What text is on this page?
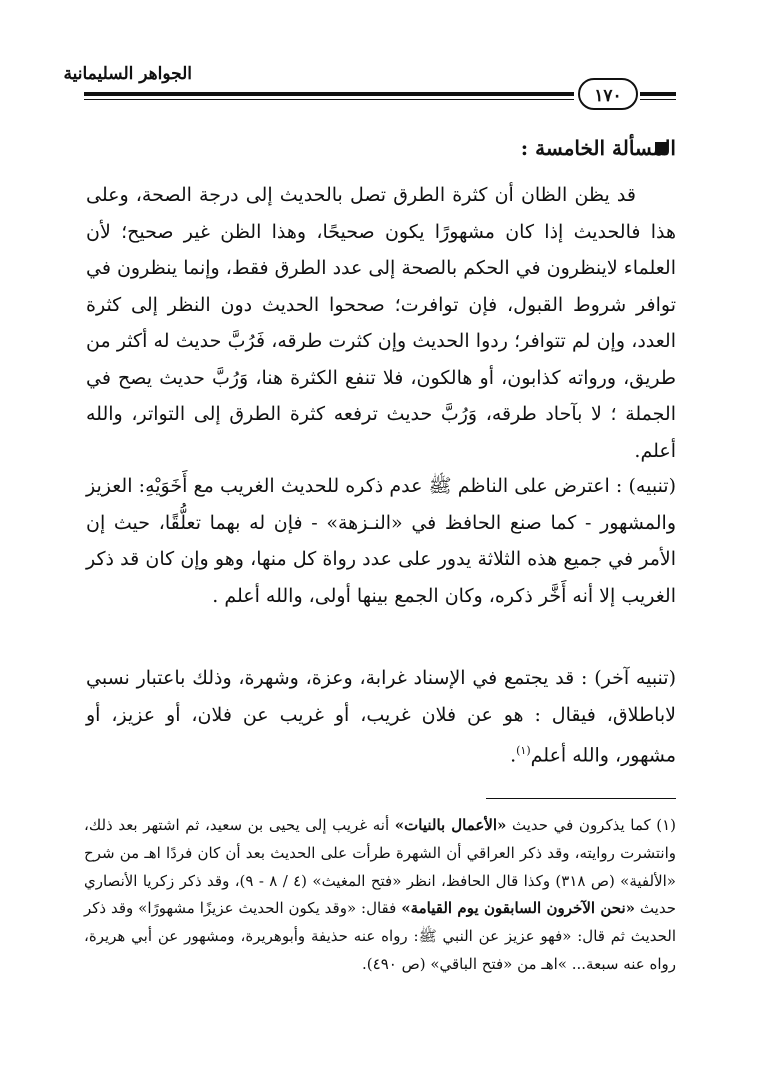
الجواهر السليمانية
١٧٠
المسألة الخامسة :

قد يظن الظان أن كثرة الطرق تصل بالحديث إلى درجة الصحة، وعلى هذا فالحديث إذا كان مشهورًا يكون صحيحًا، وهذا الظن غير صحيح؛ لأن العلماء لاينظرون في الحكم بالصحة إلى عدد الطرق فقط، وإنما ينظرون في توافر شروط القبول، فإن توافرت؛ صححوا الحديث دون النظر إلى كثرة العدد، وإن لم تتوافر؛ ردوا الحديث وإن كثرت طرقه، فَرُبَّ حديث له أكثر من طريق، ورواته كذابون، أو هالكون، فلا تنفع الكثرة هنا، وَرُبَّ حديث يصح في الجملة ؛ لا بآحاد طرقه، وَرُبَّ حديث ترفعه كثرة الطرق إلى التواتر، والله أعلم.

(تنبيه) : اعترض على الناظم ﷺ عدم ذكره للحديث الغريب مع أَخَوَيْهِ: العزيز والمشهور - كما صنع الحافظ في «النـزهة» - فإن له بهما تعلُّقًا، حيث إن الأمر في جميع هذه الثلاثة يدور على عدد رواة كل منها، وهو وإن كان قد ذكر الغريب إلا أنه أَخَّر ذكره، وكان الجمع بينها أولى، والله أعلم .

(تنبيه آخر) : قد يجتمع في الإسناد غرابة، وعزة، وشهرة، وذلك باعتبار نسبي لاباطلاق، فيقال : هو عن فلان غريب، أو غريب عن فلان، أو عزيز، أو مشهور، والله أعلم$^{(١)}$.

(١) كما يذكرون في حديث «الأعمال بالنيات» أنه غريب إلى يحيى بن سعيد، ثم اشتهر بعد ذلك، وانتشرت روايته، وقد ذكر العراقي أن الشهرة طرأت على الحديث بعد أن كان فردًا اهـ من شرح «الألفية» (ص ٣١٨) وكذا قال الحافظ، انظر «فتح المغيث» (٤ / ٨ - ٩)، وقد ذكر زكريا الأنصاري حديث «نحن الآخرون السابقون يوم القيامة» فقال: «وقد يكون الحديث عزيزًا مشهورًا» وقد ذكر الحديث ثم قال: «فهو عزيز عن النبي ﷺ: رواه عنه حذيفة وأبوهريرة، ومشهور عن أبي هريرة، رواه عنه سبعة... »اهـ من «فتح الباقي» (ص ٤٩٠).
